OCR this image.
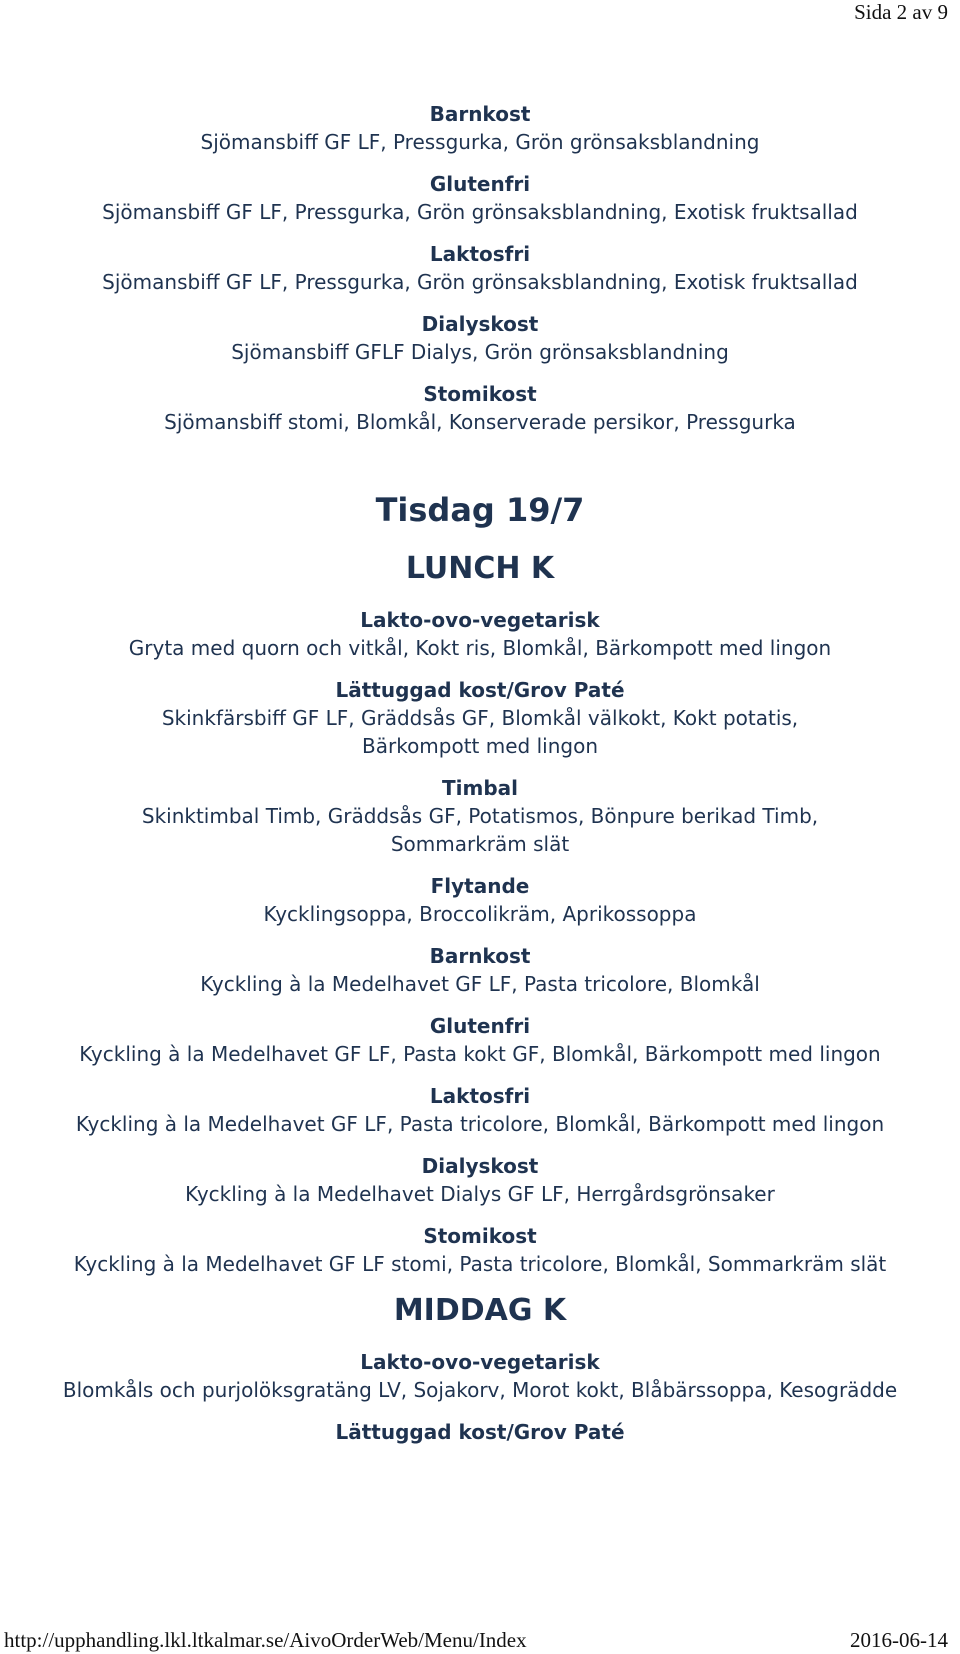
Sida 2 av 9
Barnkost
Sjömansbiff GF LF, Pressgurka, Grön grönsaksblandning
Glutenfri
Sjömansbiff GF LF, Pressgurka, Grön grönsaksblandning, Exotisk fruktsallad
Laktosfri
Sjömansbiff GF LF, Pressgurka, Grön grönsaksblandning, Exotisk fruktsallad
Dialyskost
Sjömansbiff GFLF Dialys, Grön grönsaksblandning
Stomikost
Sjömansbiff stomi, Blomkål, Konserverade persikor, Pressgurka
Tisdag 19/7
LUNCH K
Lakto-ovo-vegetarisk
Gryta med quorn och vitkål, Kokt ris, Blomkål, Bärkompott med lingon
Lättuggad kost/Grov Paté
Skinkfärsbiff GF LF, Gräddsås GF, Blomkål välkokt, Kokt potatis, Bärkompott med lingon
Timbal
Skinktimbal Timb, Gräddsås GF, Potatismos, Bönpure berikad Timb, Sommarkräm slät
Flytande
Kycklingsoppa, Broccolikräm, Aprikossoppa
Barnkost
Kyckling à la Medelhavet GF LF, Pasta tricolore, Blomkål
Glutenfri
Kyckling à la Medelhavet GF LF, Pasta kokt GF, Blomkål, Bärkompott med lingon
Laktosfri
Kyckling à la Medelhavet GF LF, Pasta tricolore, Blomkål, Bärkompott med lingon
Dialyskost
Kyckling à la Medelhavet Dialys GF LF, Herrgårdsgrönsaker
Stomikost
Kyckling à la Medelhavet GF LF stomi, Pasta tricolore, Blomkål, Sommarkräm slät
MIDDAG K
Lakto-ovo-vegetarisk
Blomkåls och purjolöksgratäng LV, Sojakorv, Morot kokt, Blåbärssoppa, Kesogrädde
Lättuggad kost/Grov Paté
http://upphandling.lkl.ltkalmar.se/AivoOrderWeb/Menu/Index	2016-06-14
